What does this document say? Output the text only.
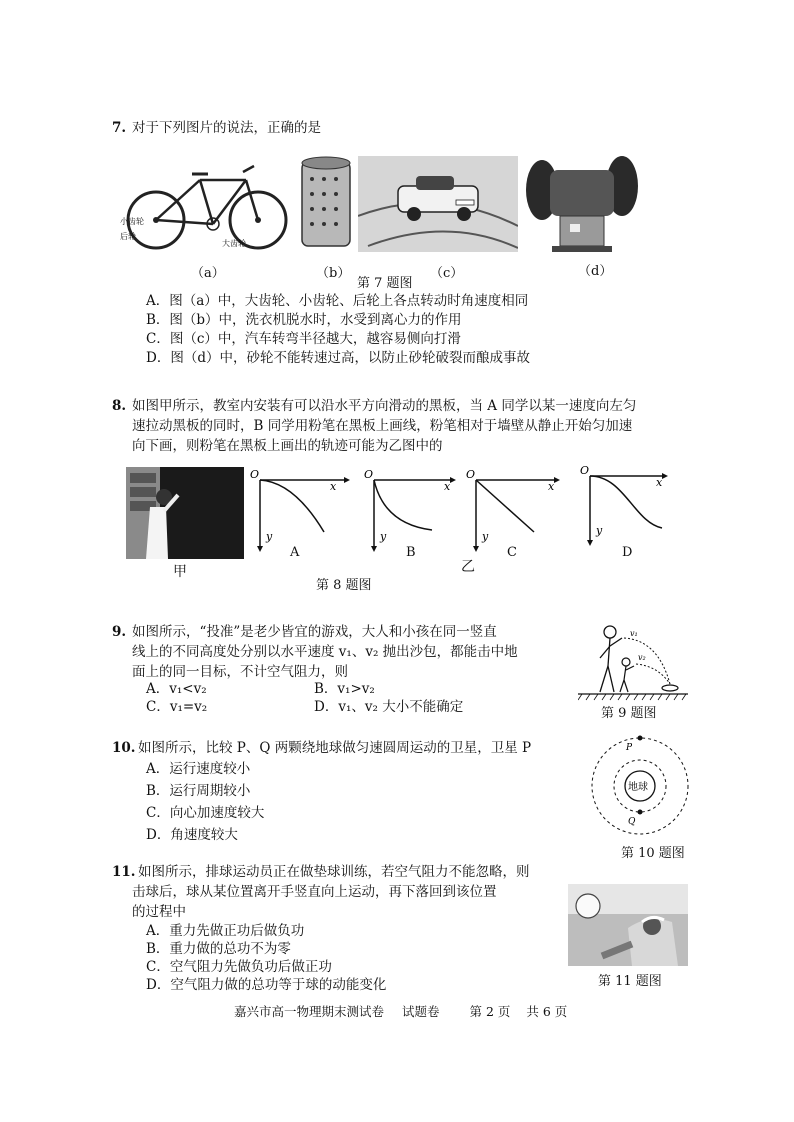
7. 对于下列图片的说法，正确的是
小齿轮
后轮
大齿轮
（a）	（b）	（c）	（d）
第 7 题图
A．图（a）中，大齿轮、小齿轮、后轮上各点转动时角速度相同
B．图（b）中，洗衣机脱水时，水受到离心力的作用
C．图（c）中，汽车转弯半径越大，越容易侧向打滑
D．图（d）中，砂轮不能转速过高，以防止砂轮破裂而酿成事故
8. 如图甲所示，教室内安装有可以沿水平方向滑动的黑板，当 A 同学以某一速度向左匀
速拉动黑板的同时，B 同学用粉笔在黑板上画线，粉笔相对于墙壁从静止开始匀加速
向下画，则粉笔在黑板上画出的轨迹可能为乙图中的
甲
O
x
y
O
x
y
O
x
y
O
x
y
A	B	C	D
乙
第 8 题图
9. 如图所示，“投准”是老少皆宜的游戏，大人和小孩在同一竖直
线上的不同高度处分别以水平速度 v₁、v₂ 抛出沙包，都能击中地
面上的同一目标，不计空气阻力，则
A．v₁<v₂	B．v₁>v₂
C．v₁=v₂	D．v₁、v₂ 大小不能确定
v₁
v₂
第 9 题图
10. 如图所示，比较 P、Q 两颗绕地球做匀速圆周运动的卫星，卫星 P
A．运行速度较小
B．运行周期较小
C．向心加速度较大
D．角速度较大
地球
P
Q
第 10 题图
11. 如图所示，排球运动员正在做垫球训练，若空气阻力不能忽略，则
击球后，球从某位置离开手竖直向上运动，再下落回到该位置
的过程中
A．重力先做正功后做负功
B．重力做的总功不为零
C．空气阻力先做负功后做正功
D．空气阻力做的总功等于球的动能变化	第 11 题图
嘉兴市高一物理期末测试卷 试题卷 第 2 页 共 6 页
